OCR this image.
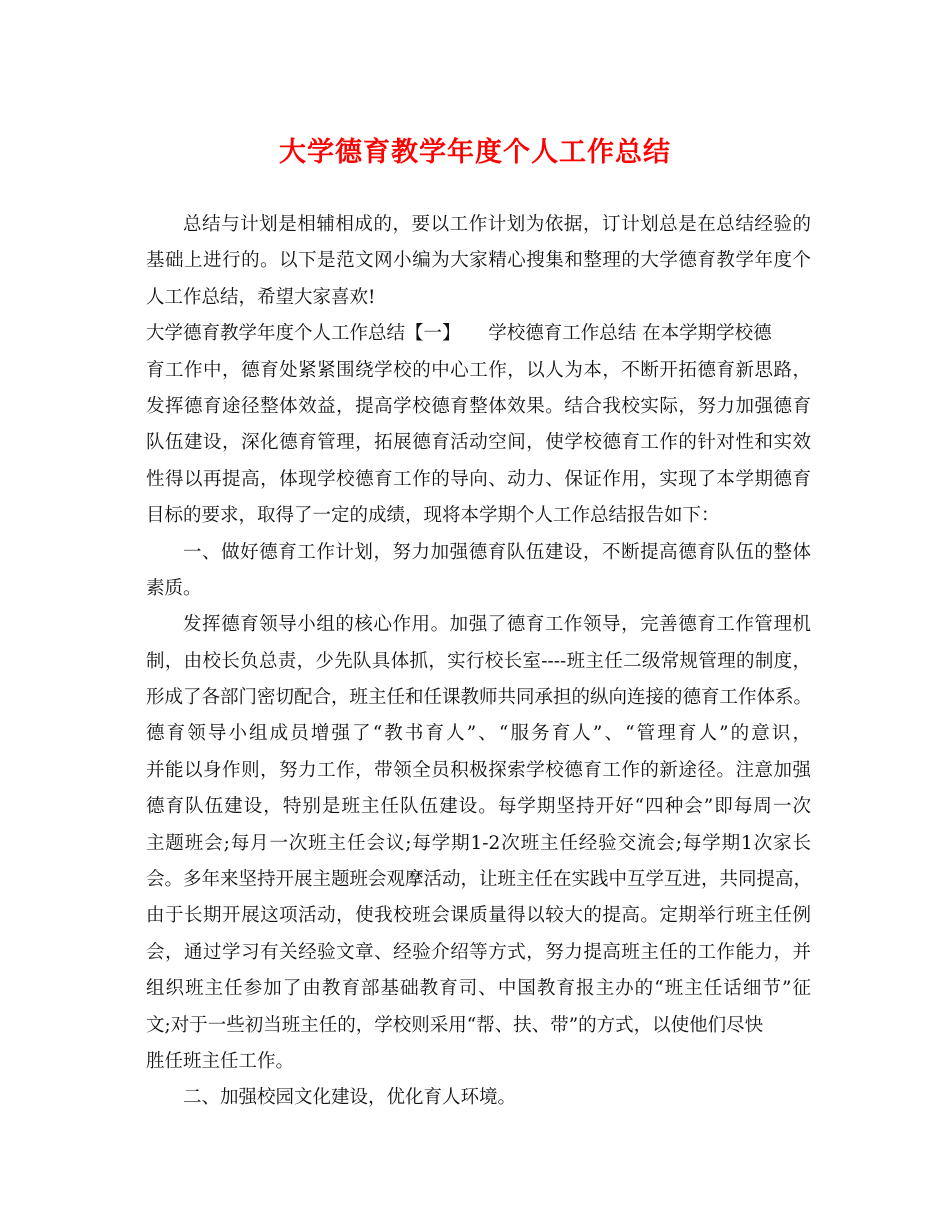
大学德育教学年度个人工作总结
总结与计划是相辅相成的，要以工作计划为依据，订计划总是在总结经验的
基础上进行的。以下是范文网小编为大家精心搜集和整理的大学德育教学年度个
人工作总结，希望大家喜欢!
大学德育教学年度个人工作总结【一】　　学校德育工作总结 在本学期学校德
育工作中，德育处紧紧围绕学校的中心工作，以人为本，不断开拓德育新思路，
发挥德育途径整体效益，提高学校德育整体效果。结合我校实际，努力加强德育
队伍建设，深化德育管理，拓展德育活动空间，使学校德育工作的针对性和实效
性得以再提高，体现学校德育工作的导向、动力、保证作用，实现了本学期德育
目标的要求，取得了一定的成绩，现将本学期个人工作总结报告如下：
一、做好德育工作计划，努力加强德育队伍建设，不断提高德育队伍的整体
素质。
发挥德育领导小组的核心作用。加强了德育工作领导，完善德育工作管理机
制，由校长负总责，少先队具体抓，实行校长室----班主任二级常规管理的制度，
形成了各部门密切配合，班主任和任课教师共同承担的纵向连接的德育工作体系。
德育领导小组成员增强了“教书育人”、“服务育人”、“管理育人”的意识，
并能以身作则，努力工作，带领全员积极探索学校德育工作的新途径。注意加强
德育队伍建设，特别是班主任队伍建设。每学期坚持开好“四种会”即每周一次
主题班会;每月一次班主任会议;每学期1-2次班主任经验交流会;每学期1次家长
会。多年来坚持开展主题班会观摩活动，让班主任在实践中互学互进，共同提高，
由于长期开展这项活动，使我校班会课质量得以较大的提高。定期举行班主任例
会，通过学习有关经验文章、经验介绍等方式，努力提高班主任的工作能力，并
组织班主任参加了由教育部基础教育司、中国教育报主办的“班主任话细节”征
文;对于一些初当班主任的，学校则采用“帮、扶、带”的方式，以使他们尽快
胜任班主任工作。
二、加强校园文化建设，优化育人环境。
